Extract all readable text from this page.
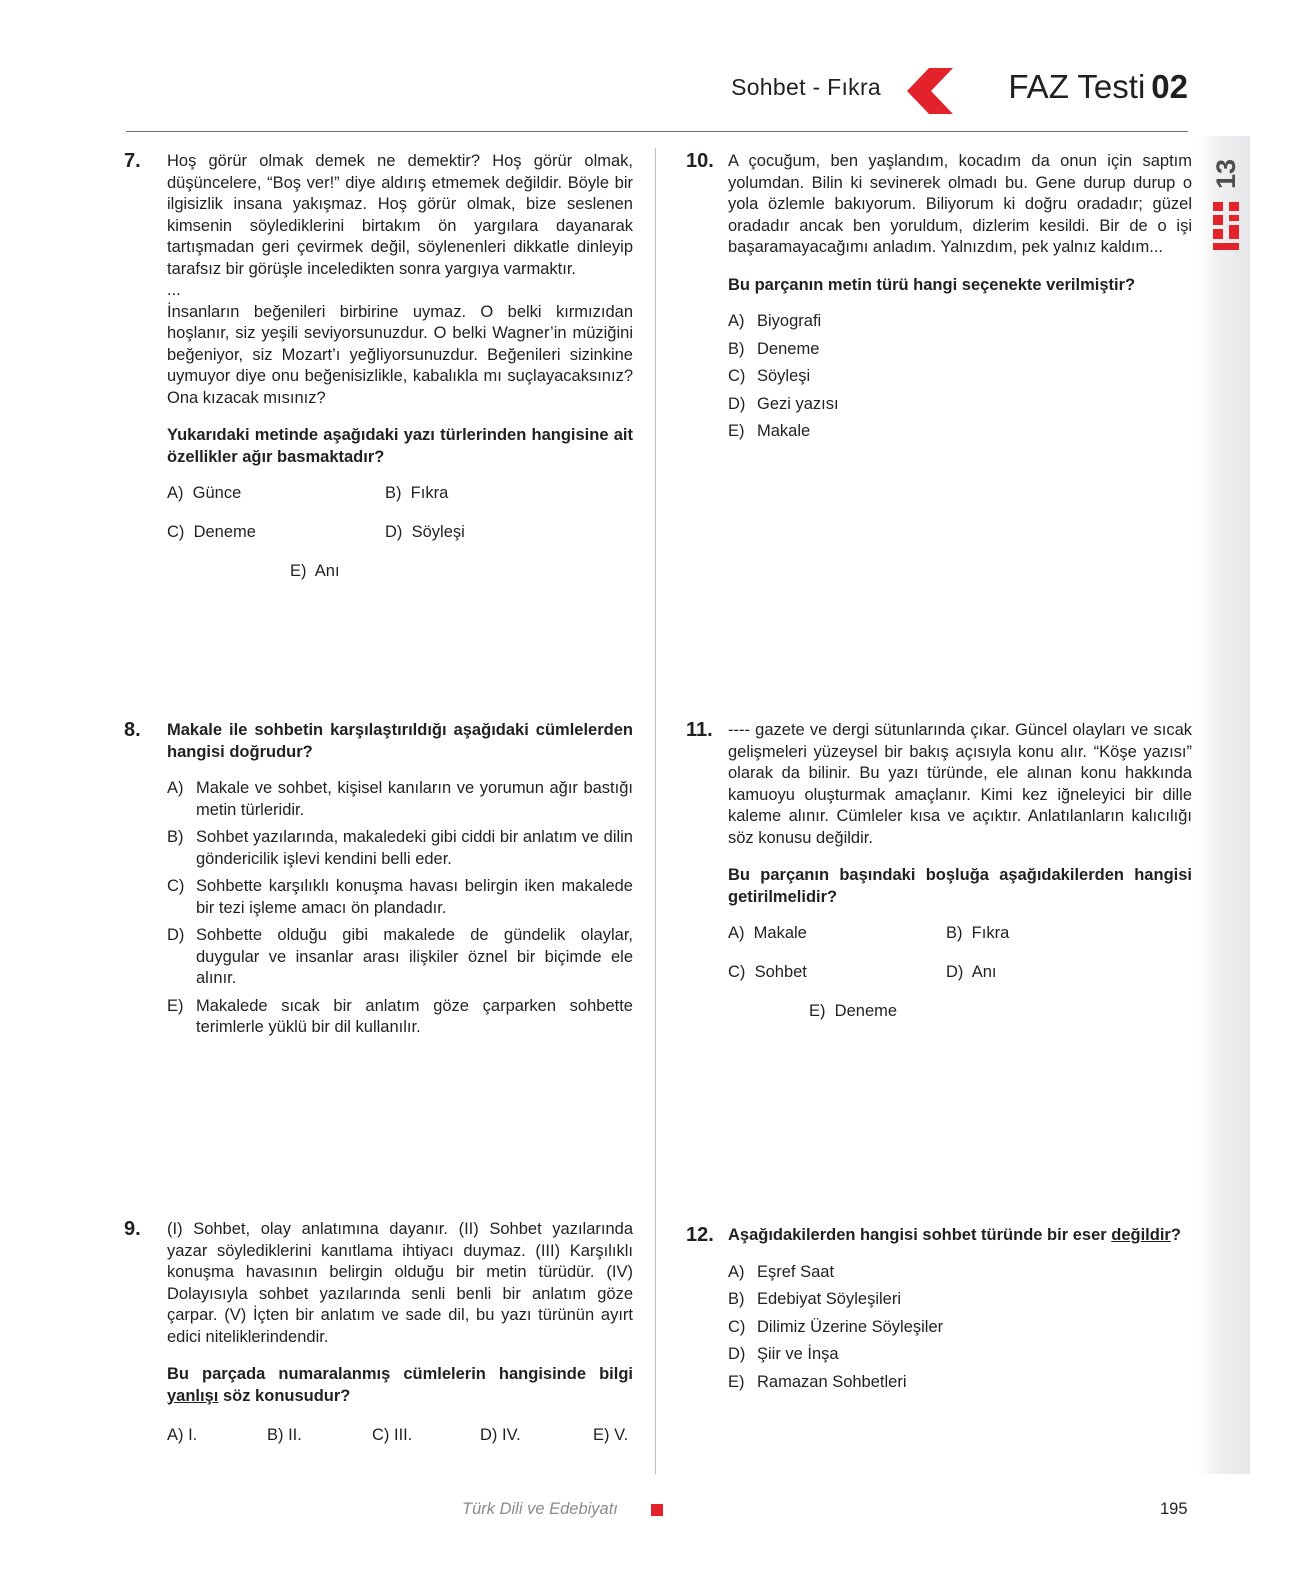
Sohbet - Fıkra	FAZ Testi 02
13
7. Hoş görür olmak demek ne demektir? Hoş görür olmak, düşüncelere, “Boş ver!” diye aldırış etmemek değildir. Böyle bir ilgisizlik insana yakışmaz. Hoş görür olmak, bize seslenen kimsenin söylediklerini birtakım ön yargılara dayanarak tartışmadan geri çevirmek değil, söylenenleri dikkatle dinleyip tarafsız bir görüşle inceledikten sonra yargıya varmaktır.
...
İnsanların beğenileri birbirine uymaz. O belki kırmızıdan hoşlanır, siz yeşili seviyorsunuzdur. O belki Wagner’in müziğini beğeniyor, siz Mozart’ı yeğliyorsunuzdur. Beğenileri sizinkine uymuyor diye onu beğenisizlikle, kabalıkla mı suçlayacaksınız? Ona kızacak mısınız?
Yukarıdaki metinde aşağıdaki yazı türlerinden hangisine ait özellikler ağır basmaktadır?
A) Günce	B) Fıkra
C) Deneme	D) Söyleşi
E) Anı
8. Makale ile sohbetin karşılaştırıldığı aşağıdaki cümlelerden hangisi doğrudur?
A) Makale ve sohbet, kişisel kanıların ve yorumun ağır bastığı metin türleridir.
B) Sohbet yazılarında, makaledeki gibi ciddi bir anlatım ve dilin göndericilik işlevi kendini belli eder.
C) Sohbette karşılıklı konuşma havası belirgin iken makalede bir tezi işleme amacı ön plandadır.
D) Sohbette olduğu gibi makalede de gündelik olaylar, duygular ve insanlar arası ilişkiler öznel bir biçimde ele alınır.
E) Makalede sıcak bir anlatım göze çarparken sohbette terimlerle yüklü bir dil kullanılır.
9. (I) Sohbet, olay anlatımına dayanır. (II) Sohbet yazılarında yazar söylediklerini kanıtlama ihtiyacı duymaz. (III) Karşılıklı konuşma havasının belirgin olduğu bir metin türüdür. (IV) Dolayısıyla sohbet yazılarında senli benli bir anlatım göze çarpar. (V) İçten bir anlatım ve sade dil, bu yazı türünün ayırt edici niteliklerindendir.
Bu parçada numaralanmış cümlelerin hangisinde bilgi yanlışı söz konusudur?
A) I.	B) II.	C) III.	D) IV.	E) V.
10. A çocuğum, ben yaşlandım, kocadım da onun için saptım yolumdan. Bilin ki sevinerek olmadı bu. Gene durup durup o yola özlemle bakıyorum. Biliyorum ki doğru oradadır; güzel oradadır ancak ben yoruldum, dizlerim kesildi. Bir de o işi başaramayacağımı anladım. Yalnızdım, pek yalnız kaldım...
Bu parçanın metin türü hangi seçenekte verilmiştir?
A) Biyografi
B) Deneme
C) Söyleşi
D) Gezi yazısı
E) Makale
11. ---- gazete ve dergi sütunlarında çıkar. Güncel olayları ve sıcak gelişmeleri yüzeysel bir bakış açısıyla konu alır. “Köşe yazısı” olarak da bilinir. Bu yazı türünde, ele alınan konu hakkında kamuoyu oluşturmak amaçlanır. Kimi kez iğneleyici bir dille kaleme alınır. Cümleler kısa ve açıktır. Anlatılanların kalıcılığı söz konusu değildir.
Bu parçanın başındaki boşluğa aşağıdakilerden hangisi getirilmelidir?
A) Makale	B) Fıkra
C) Sohbet	D) Anı
E) Deneme
12. Aşağıdakilerden hangisi sohbet türünde bir eser değildir?
A) Eşref Saat
B) Edebiyat Söyleşileri
C) Dilimiz Üzerine Söyleşiler
D) Şiir ve İnşa
E) Ramazan Sohbetleri
Türk Dili ve Edebiyatı	195
